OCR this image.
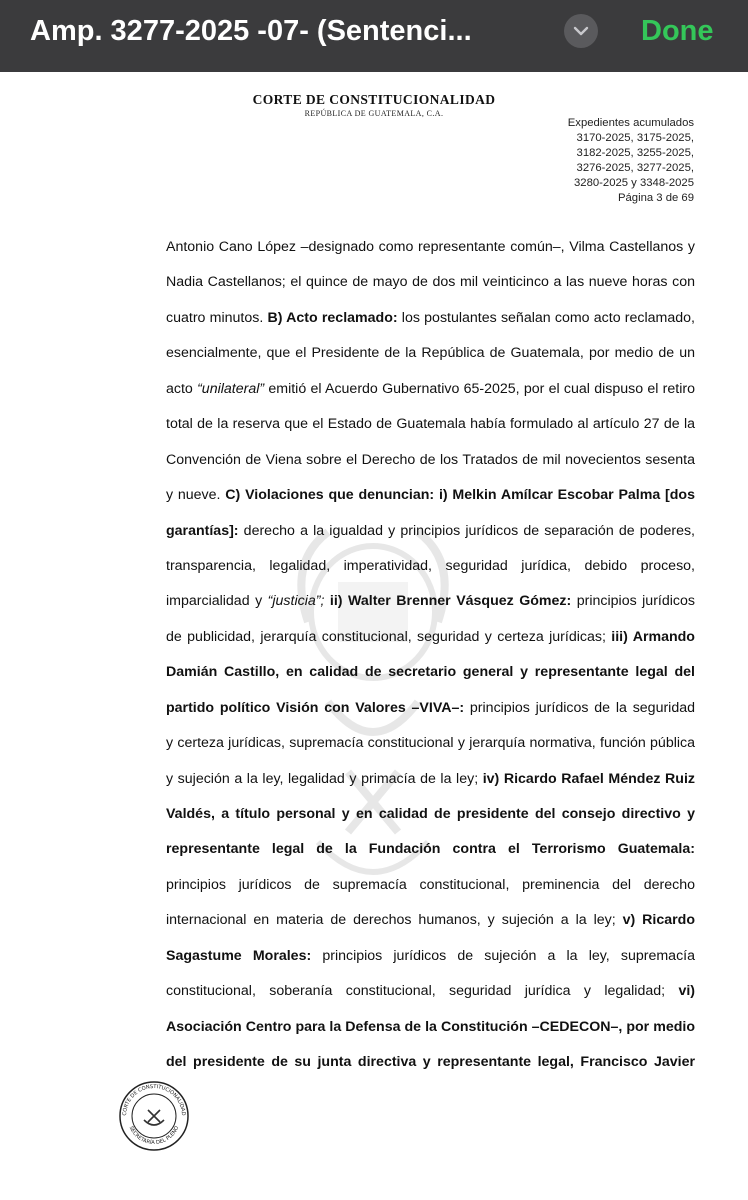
Amp. 3277-2025 -07- (Sentenci...	Done
CORTE DE CONSTITUCIONALIDAD
REPÚBLICA DE GUATEMALA, C.A.
Expedientes acumulados
3170-2025, 3175-2025,
3182-2025, 3255-2025,
3276-2025, 3277-2025,
3280-2025 y 3348-2025
Página 3 de 69
Antonio Cano López –designado como representante común–, Vilma Castellanos y
Nadia Castellanos; el quince de mayo de dos mil veinticinco a las nueve horas con
cuatro minutos. B) Acto reclamado: los postulantes señalan como acto reclamado,
esencialmente, que el Presidente de la República de Guatemala, por medio de un
acto “unilateral” emitió el Acuerdo Gubernativo 65-2025, por el cual dispuso el retiro
total de la reserva que el Estado de Guatemala había formulado al artículo 27 de la
Convención de Viena sobre el Derecho de los Tratados de mil novecientos sesenta
y nueve. C) Violaciones que denuncian: i) Melkin Amílcar Escobar Palma [dos
garantías]: derecho a la igualdad y principios jurídicos de separación de poderes,
transparencia, legalidad, imperatividad, seguridad jurídica, debido proceso,
imparcialidad y “justicia”; ii) Walter Brenner Vásquez Gómez: principios jurídicos
de publicidad, jerarquía constitucional, seguridad y certeza jurídicas; iii) Armando
Damián Castillo, en calidad de secretario general y representante legal del
partido político Visión con Valores –VIVA–: principios jurídicos de la seguridad
y certeza jurídicas, supremacía constitucional y jerarquía normativa, función pública
y sujeción a la ley, legalidad y primacía de la ley; iv) Ricardo Rafael Méndez Ruiz
Valdés, a título personal y en calidad de presidente del consejo directivo y
representante legal de la Fundación contra el Terrorismo Guatemala:
principios jurídicos de supremacía constitucional, preminencia del derecho
internacional en materia de derechos humanos, y sujeción a la ley; v) Ricardo
Sagastume Morales: principios jurídicos de sujeción a la ley, supremacía
constitucional, soberanía constitucional, seguridad jurídica y legalidad; vi)
Asociación Centro para la Defensa de la Constitución –CEDECON–, por medio
del presidente de su junta directiva y representante legal, Francisco Javier
CORTE DE CONSTITUCIONALIDAD
SECRETARÍA DEL PLENO
